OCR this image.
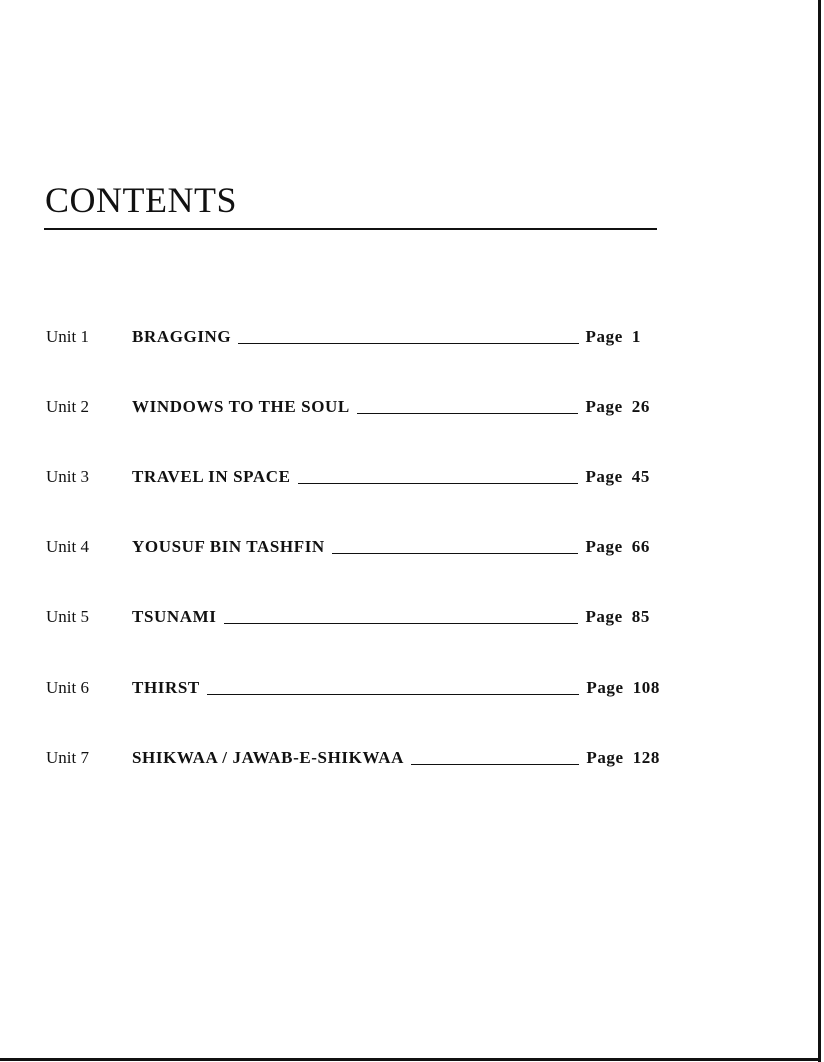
CONTENTS
Unit 1	BRAGGING	Page 1
Unit 2	WINDOWS TO THE SOUL	Page 26
Unit 3	TRAVEL IN SPACE	Page 45
Unit 4	YOUSUF BIN TASHFIN	Page 66
Unit 5	TSUNAMI	Page 85
Unit 6	THIRST	Page 108
Unit 7	SHIKWAA / JAWAB-E-SHIKWAA	Page 128
